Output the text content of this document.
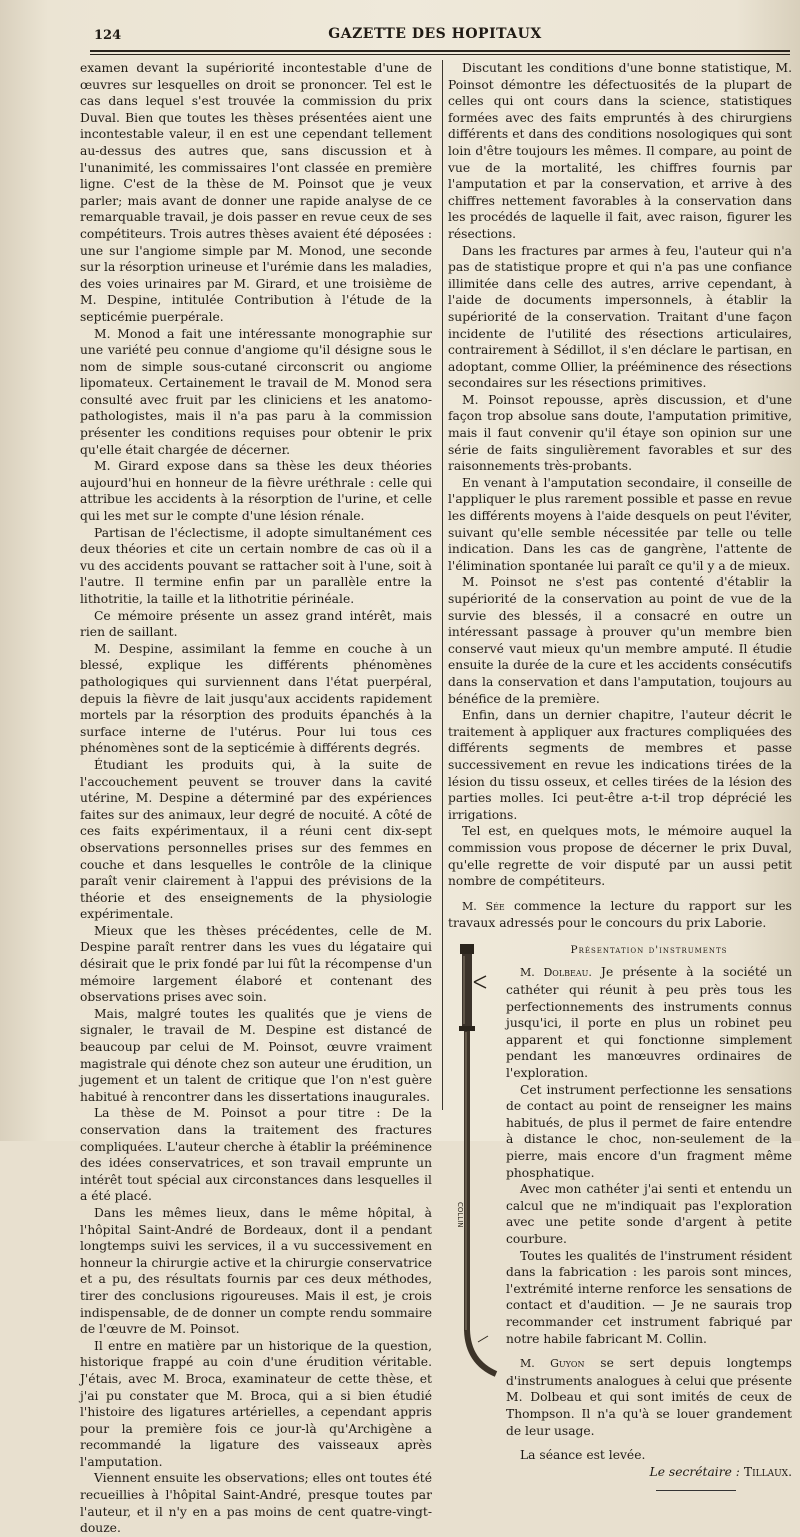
124	GAZETTE DES HOPITAUX

examen devant la supériorité incontestable d'une de œuvres sur lesquelles on droit se prononcer. Tel est le cas dans lequel s'est trouvée la commission du prix Duval. Bien que toutes les thèses présentées aient une incontestable valeur, il en est une cependant tellement au-dessus des autres que, sans discussion et à l'unanimité, les commissaires l'ont classée en première ligne. C'est de la thèse de M. Poinsot que je veux parler; mais avant de donner une rapide analyse de ce remarquable travail, je dois passer en revue ceux de ses compétiteurs. Trois autres thèses avaient été déposées : une sur l'angiome simple par M. Monod, une seconde sur la résorption urineuse et l'urémie dans les maladies, des voies urinaires par M. Girard, et une troisième de M. Despine, intitulée Contribution à l'étude de la septicémie puerpérale.

M. Monod a fait une intéressante monographie sur une variété peu connue d'angiome qu'il désigne sous le nom de simple sous-cutané circonscrit ou angiome lipomateux. Certainement le travail de M. Monod sera consulté avec fruit par les cliniciens et les anatomo-pathologistes, mais il n'a pas paru à la commission présenter les conditions requises pour obtenir le prix qu'elle était chargée de décerner.

M. Girard expose dans sa thèse les deux théories aujourd'hui en honneur de la fièvre uréthrale : celle qui attribue les accidents à la résorption de l'urine, et celle qui les met sur le compte d'une lésion rénale.

Partisan de l'éclectisme, il adopte simultanément ces deux théories et cite un certain nombre de cas où il a vu des accidents pouvant se rattacher soit à l'une, soit à l'autre. Il termine enfin par un parallèle entre la lithotritie, la taille et la lithotritie périnéale.

Ce mémoire présente un assez grand intérêt, mais rien de saillant.

M. Despine, assimilant la femme en couche à un blessé, explique les différents phénomènes pathologiques qui surviennent dans l'état puerpéral, depuis la fièvre de lait jusqu'aux accidents rapidement mortels par la résorption des produits épanchés à la surface interne de l'utérus. Pour lui tous ces phénomènes sont de la septicémie à différents degrés.

Étudiant les produits qui, à la suite de l'accouchement peuvent se trouver dans la cavité utérine, M. Despine a déterminé par des expériences faites sur des animaux, leur degré de nocuité. A côté de ces faits expérimentaux, il a réuni cent dix-sept observations personnelles prises sur des femmes en couche et dans lesquelles le contrôle de la clinique paraît venir clairement à l'appui des prévisions de la théorie et des enseignements de la physiologie expérimentale.

Mieux que les thèses précédentes, celle de M. Despine paraît rentrer dans les vues du légataire qui désirait que le prix fondé par lui fût la récompense d'un mémoire largement élaboré et contenant des observations prises avec soin.

Mais, malgré toutes les qualités que je viens de signaler, le travail de M. Despine est distancé de beaucoup par celui de M. Poinsot, œuvre vraiment magistrale qui dénote chez son auteur une érudition, un jugement et un talent de critique que l'on n'est guère habitué à rencontrer dans les dissertations inaugurales.

La thèse de M. Poinsot a pour titre : De la conservation dans la traitement des fractures compliquées. L'auteur cherche à établir la prééminence des idées conservatrices, et son travail emprunte un intérêt tout spécial aux circonstances dans lesquelles il a été placé.

Dans les mêmes lieux, dans le même hôpital, à l'hôpital Saint-André de Bordeaux, dont il a pendant longtemps suivi les services, il a vu successivement en honneur la chirurgie active et la chirurgie conservatrice et a pu, des résultats fournis par ces deux méthodes, tirer des conclusions rigoureuses. Mais il est, je crois indispensable, de de donner un compte rendu sommaire de l'œuvre de M. Poinsot.

Il entre en matière par un historique de la question, historique frappé au coin d'une érudition véritable. J'étais, avec M. Broca, examinateur de cette thèse, et j'ai pu constater que M. Broca, qui a si bien étudié l'histoire des ligatures artérielles, a cependant appris pour la première fois ce jour-là qu'Archigène a recommandé la ligature des vaisseaux après l'amputation.

Viennent ensuite les observations; elles ont toutes été recueillies à l'hôpital Saint-André, presque toutes par l'auteur, et il n'y en a pas moins de cent quatre-vingt-douze.

Discutant les conditions d'une bonne statistique, M. Poinsot démontre les défectuosités de la plupart de celles qui ont cours dans la science, statistiques formées avec des faits empruntés à des chirurgiens différents et dans des conditions nosologiques qui sont loin d'être toujours les mêmes. Il compare, au point de vue de la mortalité, les chiffres fournis par l'amputation et par la conservation, et arrive à des chiffres nettement favorables à la conservation dans les procédés de laquelle il fait, avec raison, figurer les résections.

Dans les fractures par armes à feu, l'auteur qui n'a pas de statistique propre et qui n'a pas une confiance illimitée dans celle des autres, arrive cependant, à l'aide de documents impersonnels, à établir la supériorité de la conservation. Traitant d'une façon incidente de l'utilité des résections articulaires, contrairement à Sédillot, il s'en déclare le partisan, en adoptant, comme Ollier, la prééminence des résections secondaires sur les résections primitives.

M. Poinsot repousse, après discussion, et d'une façon trop absolue sans doute, l'amputation primitive, mais il faut convenir qu'il étaye son opinion sur une série de faits singulièrement favorables et sur des raisonnements très-probants.

En venant à l'amputation secondaire, il conseille de l'appliquer le plus rarement possible et passe en revue les différents moyens à l'aide desquels on peut l'éviter, suivant qu'elle semble nécessitée par telle ou telle indication. Dans les cas de gangrène, l'attente de l'élimination spontanée lui paraît ce qu'il y a de mieux.

M. Poinsot ne s'est pas contenté d'établir la supériorité de la conservation au point de vue de la survie des blessés, il a consacré en outre un intéressant passage à prouver qu'un membre bien conservé vaut mieux qu'un membre amputé. Il étudie ensuite la durée de la cure et les accidents consécutifs dans la conservation et dans l'amputation, toujours au bénéfice de la première.

Enfin, dans un dernier chapitre, l'auteur décrit le traitement à appliquer aux fractures compliquées des différents segments de membres et passe successivement en revue les indications tirées de la lésion du tissu osseux, et celles tirées de la lésion des parties molles. Ici peut-être a-t-il trop déprécié les irrigations.

Tel est, en quelques mots, le mémoire auquel la commission vous propose de décerner le prix Duval, qu'elle regrette de voir disputé par un aussi petit nombre de compétiteurs.

M. Sée commence la lecture du rapport sur les travaux adressés pour le concours du prix Laborie.

COLLIN
Présentation d'instruments

M. Dolbeau. Je présente à la société un cathéter qui réunit à peu près tous les perfectionnements des instruments connus jusqu'ici, il porte en plus un robinet peu apparent et qui fonctionne simplement pendant les manœuvres ordinaires de l'exploration.

Cet instrument perfectionne les sensations de contact au point de renseigner les mains habitués, de plus il permet de faire entendre à distance le choc, non-seulement de la pierre, mais encore d'un fragment même phosphatique.

Avec mon cathéter j'ai senti et entendu un calcul que ne m'indiquait pas l'exploration avec une petite sonde d'argent à petite courbure.

Toutes les qualités de l'instrument résident dans la fabrication : les parois sont minces, l'extrémité interne renforce les sensations de contact et d'audition. — Je ne saurais trop recommander cet instrument fabriqué par notre habile fabricant M. Collin.

M. Guyon se sert depuis longtemps d'instruments analogues à celui que présente M. Dolbeau et qui sont imités de ceux de Thompson. Il n'a qu'à se louer grandement de leur usage.

La séance est levée.

Le secrétaire : Tillaux.
